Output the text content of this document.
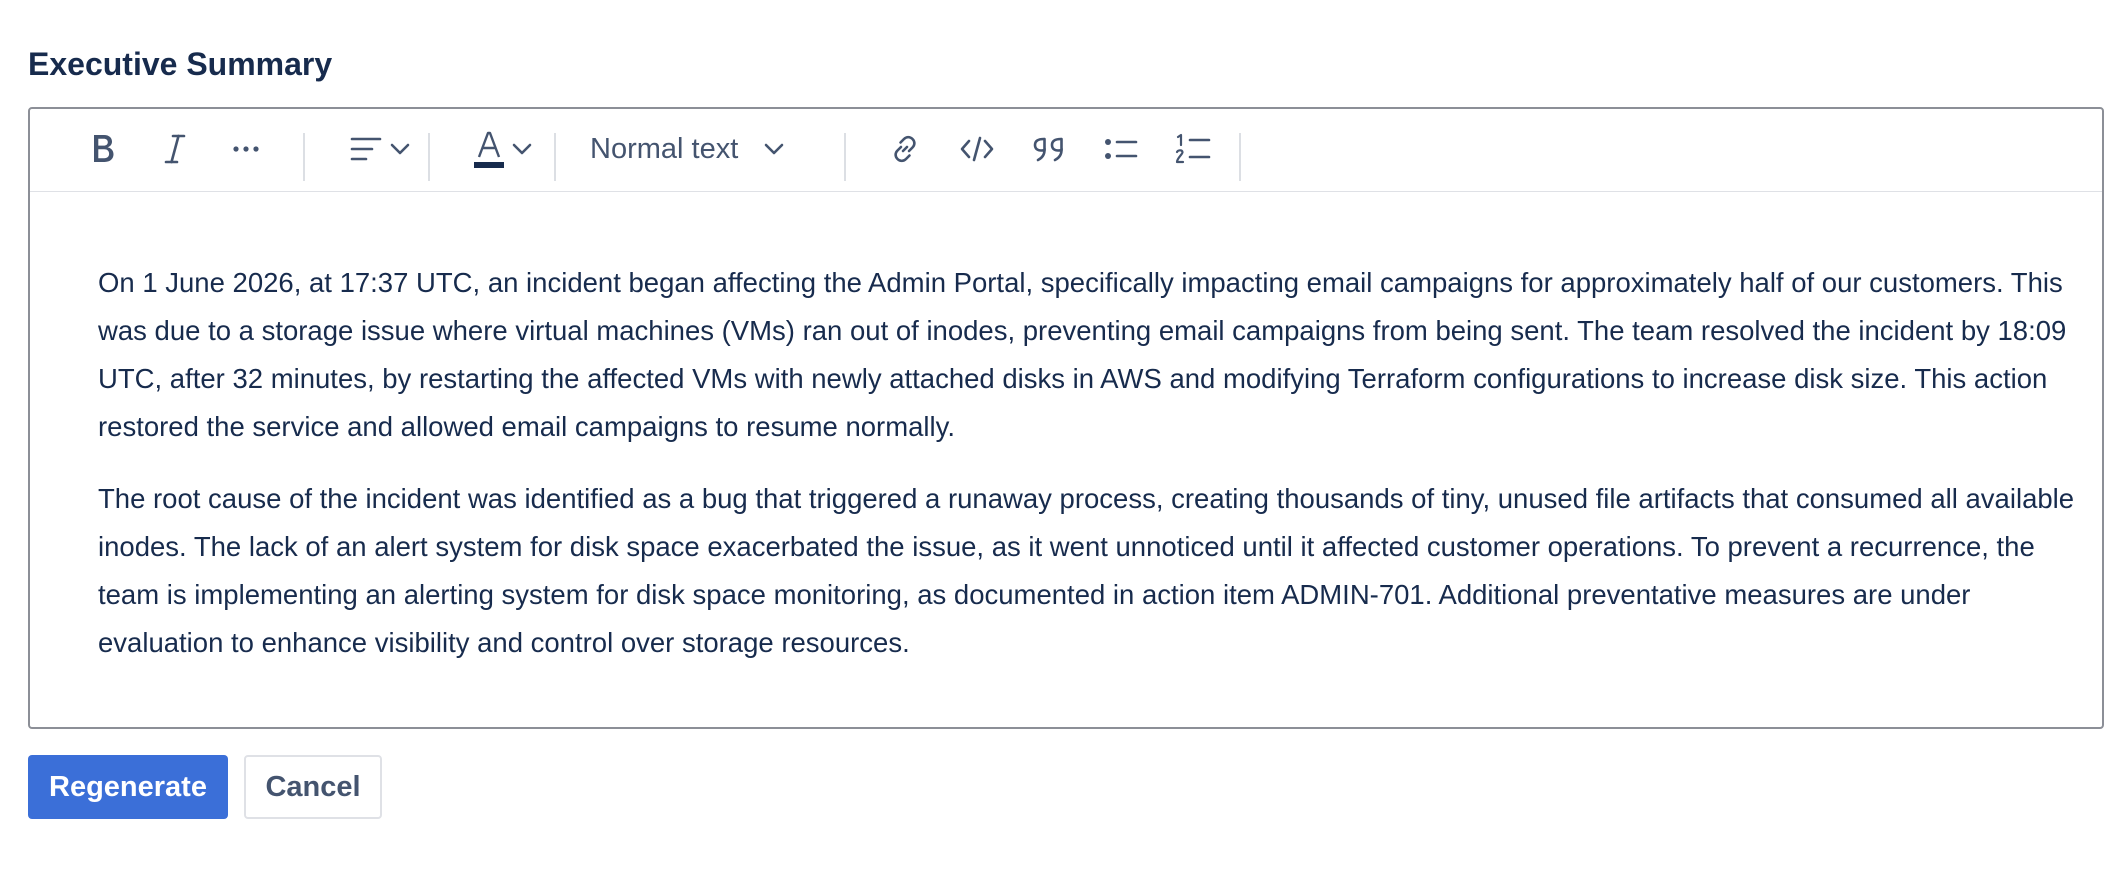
Executive Summary
Normal text

On 1 June 2026, at 17:37 UTC, an incident began affecting the Admin Portal, specifically impacting email campaigns for approximately half of our customers. This was due to a storage issue where virtual machines (VMs) ran out of inodes, preventing email campaigns from being sent. The team resolved the incident by 18:09 UTC, after 32 minutes, by restarting the affected VMs with newly attached disks in AWS and modifying Terraform configurations to increase disk size. This action restored the service and allowed email campaigns to resume normally.

The root cause of the incident was identified as a bug that triggered a runaway process, creating thousands of tiny, unused file artifacts that consumed all available inodes. The lack of an alert system for disk space exacerbated the issue, as it went unnoticed until it affected customer operations. To prevent a recurrence, the team is implementing an alerting system for disk space monitoring, as documented in action item ADMIN-701. Additional preventative measures are under evaluation to enhance visibility and control over storage resources.

Regenerate	Cancel
